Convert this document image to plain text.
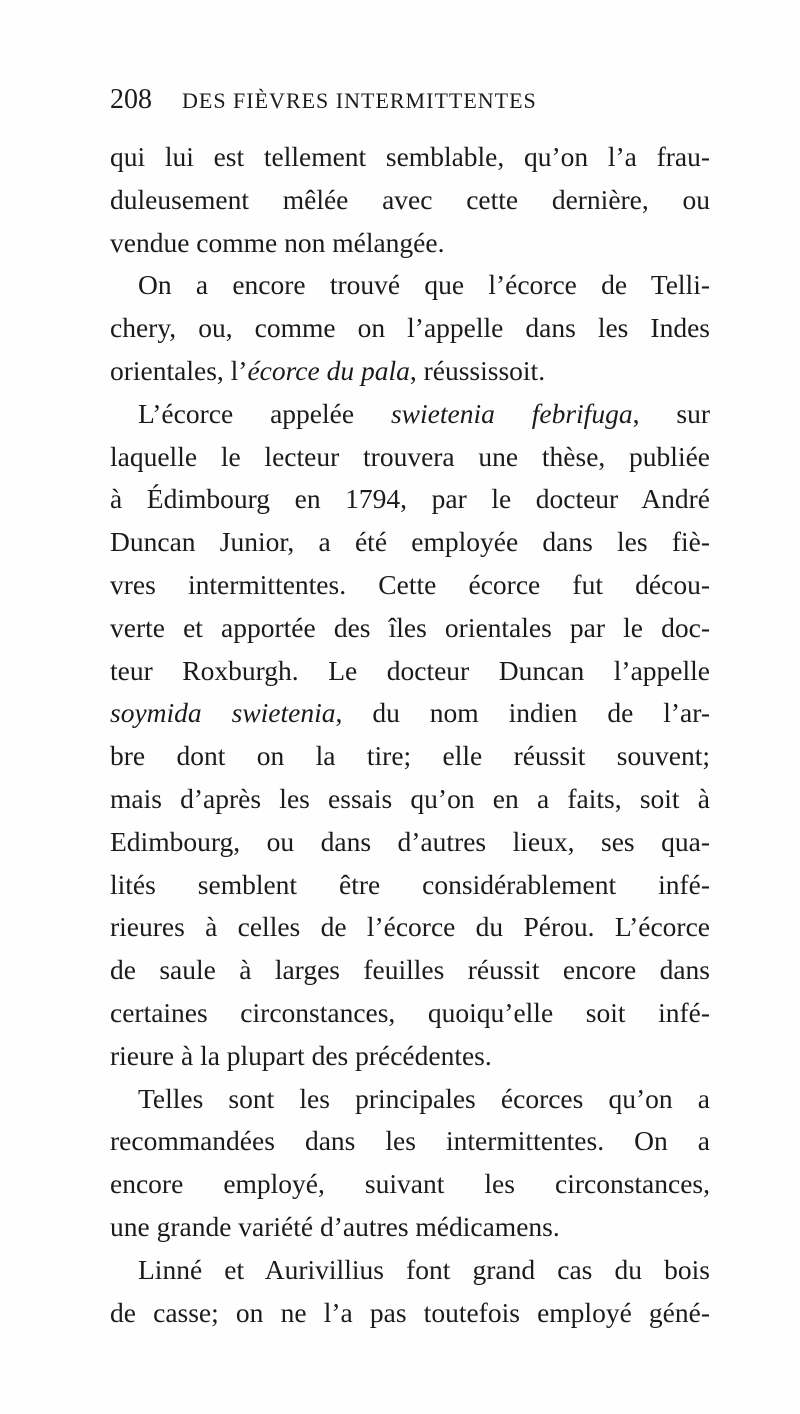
208 DES FIÈVRES INTERMITTENTES
qui lui est tellement semblable, qu’on l’a frau-
duleusement mêlée avec cette dernière, ou
vendue comme non mélangée.
On a encore trouvé que l’écorce de Telli-
chery, ou, comme on l’appelle dans les Indes
orientales, l’écorce du pala, réussissoit.
L’écorce appelée swietenia febrifuga, sur
laquelle le lecteur trouvera une thèse, publiée
à Édimbourg en 1794, par le docteur André
Duncan Junior, a été employée dans les fiè-
vres intermittentes. Cette écorce fut décou-
verte et apportée des îles orientales par le doc-
teur Roxburgh. Le docteur Duncan l’appelle
soymida swietenia, du nom indien de l’ar-
bre dont on la tire; elle réussit souvent;
mais d’après les essais qu’on en a faits, soit à
Edimbourg, ou dans d’autres lieux, ses qua-
lités semblent être considérablement infé-
rieures à celles de l’écorce du Pérou. L’écorce
de saule à larges feuilles réussit encore dans
certaines circonstances, quoiqu’elle soit infé-
rieure à la plupart des précédentes.
Telles sont les principales écorces qu’on a
recommandées dans les intermittentes. On a
encore employé, suivant les circonstances,
une grande variété d’autres médicamens.
Linné et Aurivillius font grand cas du bois
de casse; on ne l’a pas toutefois employé géné-
